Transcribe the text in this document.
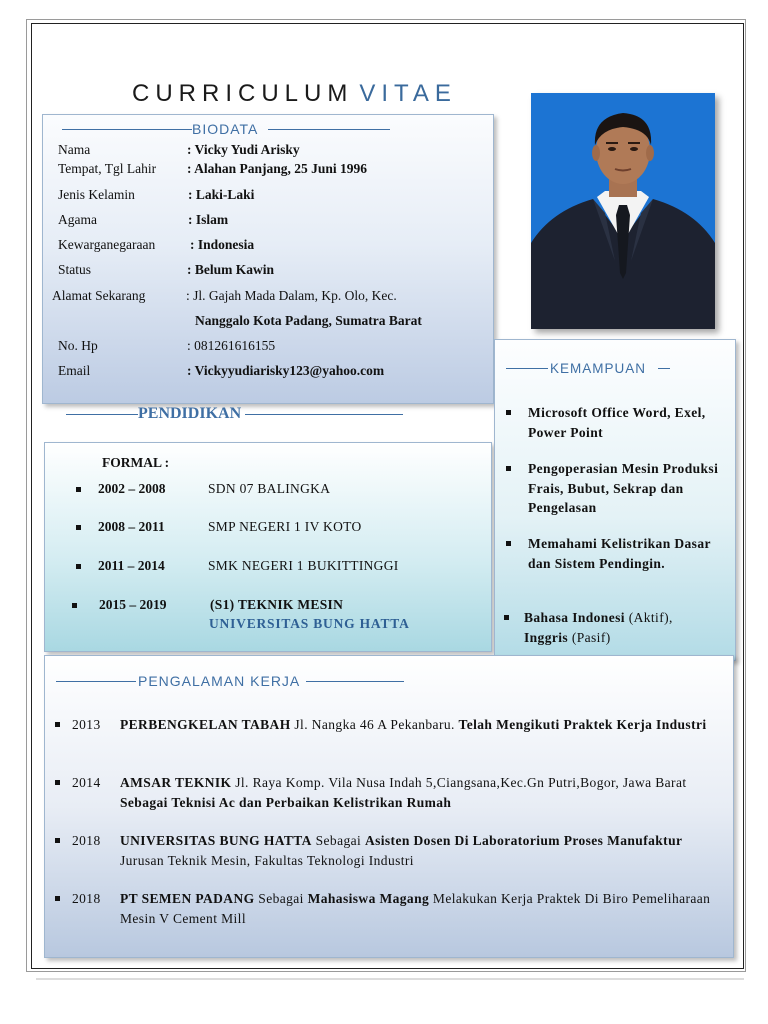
CURRICULUM VITAE
BIODATA
Nama	: Vicky Yudi Arisky
Tempat, Tgl Lahir : Alahan Panjang, 25 Juni 1996
Jenis Kelamin	: Laki-Laki
Agama	: Islam
Kewarganegaraan	: Indonesia
Status	: Belum Kawin
Alamat Sekarang	: Jl. Gajah Mada Dalam, Kp. Olo, Kec.
Nanggalo Kota Padang, Sumatra Barat
No. Hp	: 081261616155
Email	: Vickyyudiarisky123@yahoo.com
PENDIDIKAN
FORMAL :
2002 – 2008	SDN 07 BALINGKA
2008 – 2011	SMP NEGERI 1 IV KOTO
2011 – 2014	SMK NEGERI 1 BUKITTINGGI
2015 – 2019	(S1) TEKNIK MESIN
UNIVERSITAS BUNG HATTA
KEMAMPUAN
Microsoft Office Word, Exel, Power Point
Pengoperasian Mesin Produksi Frais, Bubut, Sekrap dan Pengelasan
Memahami Kelistrikan Dasar dan Sistem Pendingin.
Bahasa Indonesi (Aktif),
Inggris (Pasif)
PENGALAMAN KERJA
2013 PERBENGKELAN TABAH Jl. Nangka 46 A Pekanbaru. Telah Mengikuti Praktek Kerja Industri
2014 AMSAR TEKNIK Jl. Raya Komp. Vila Nusa Indah 5,Ciangsana,Kec.Gn Putri,Bogor, Jawa Barat Sebagai Teknisi Ac dan Perbaikan Kelistrikan Rumah
2018 UNIVERSITAS BUNG HATTA Sebagai Asisten Dosen Di Laboratorium Proses Manufaktur Jurusan Teknik Mesin, Fakultas Teknologi Industri
2018 PT SEMEN PADANG Sebagai Mahasiswa Magang Melakukan Kerja Praktek Di Biro Pemeliharaan Mesin V Cement Mill
